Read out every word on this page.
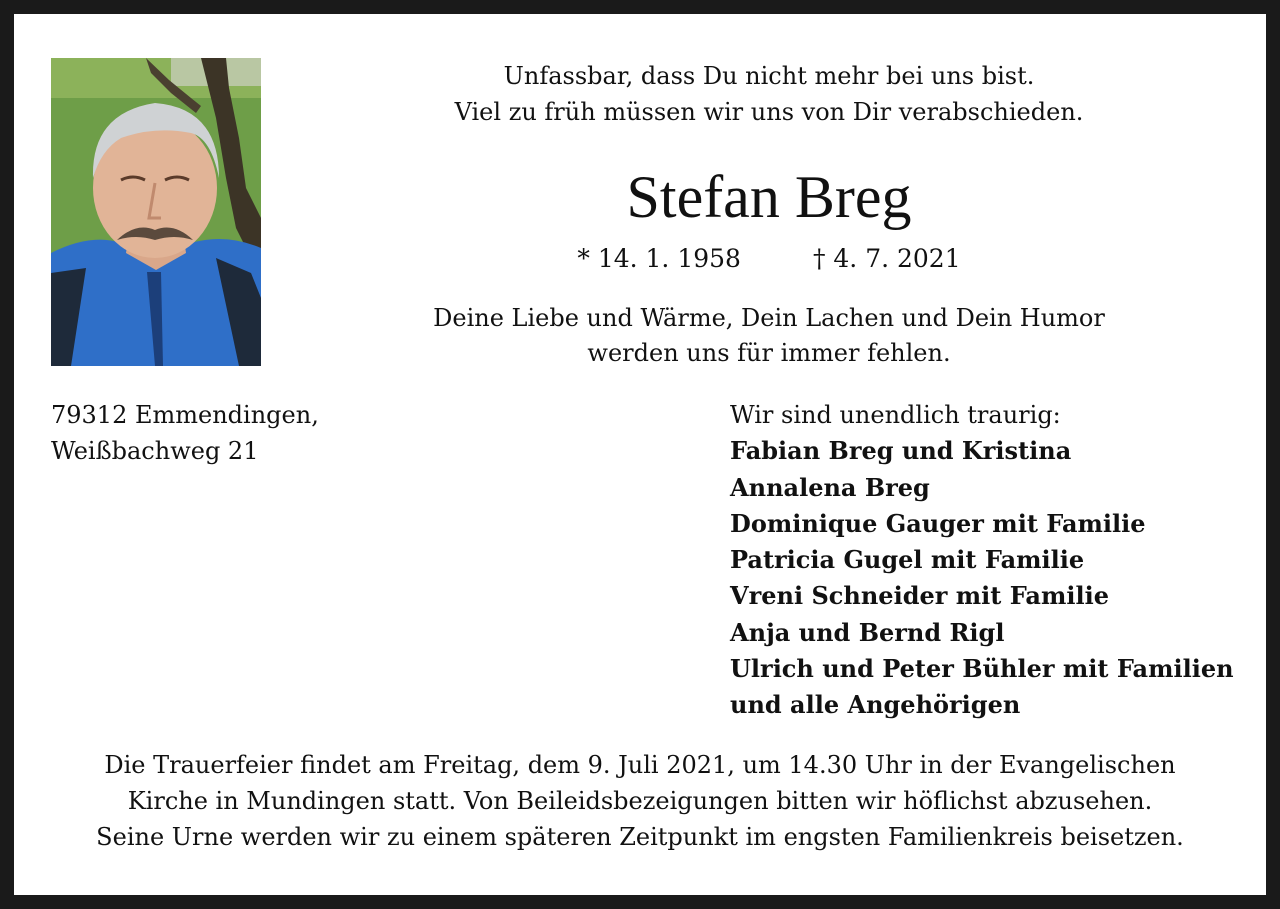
Unfassbar, dass Du nicht mehr bei uns bist.
Viel zu früh müssen wir uns von Dir verabschieden.
Stefan Breg
* 14. 1. 1958	† 4. 7. 2021
Deine Liebe und Wärme, Dein Lachen und Dein Humor
werden uns für immer fehlen.
79312 Emmendingen,
Weißbachweg 21
Wir sind unendlich traurig:
Fabian Breg und Kristina
Annalena Breg
Dominique Gauger mit Familie
Patricia Gugel mit Familie
Vreni Schneider mit Familie
Anja und Bernd Rigl
Ulrich und Peter Bühler mit Familien
und alle Angehörigen
Die Trauerfeier findet am Freitag, dem 9. Juli 2021, um 14.30 Uhr in der Evangelischen
Kirche in Mundingen statt. Von Beileidsbezeigungen bitten wir höflichst abzusehen.
Seine Urne werden wir zu einem späteren Zeitpunkt im engsten Familienkreis beisetzen.
